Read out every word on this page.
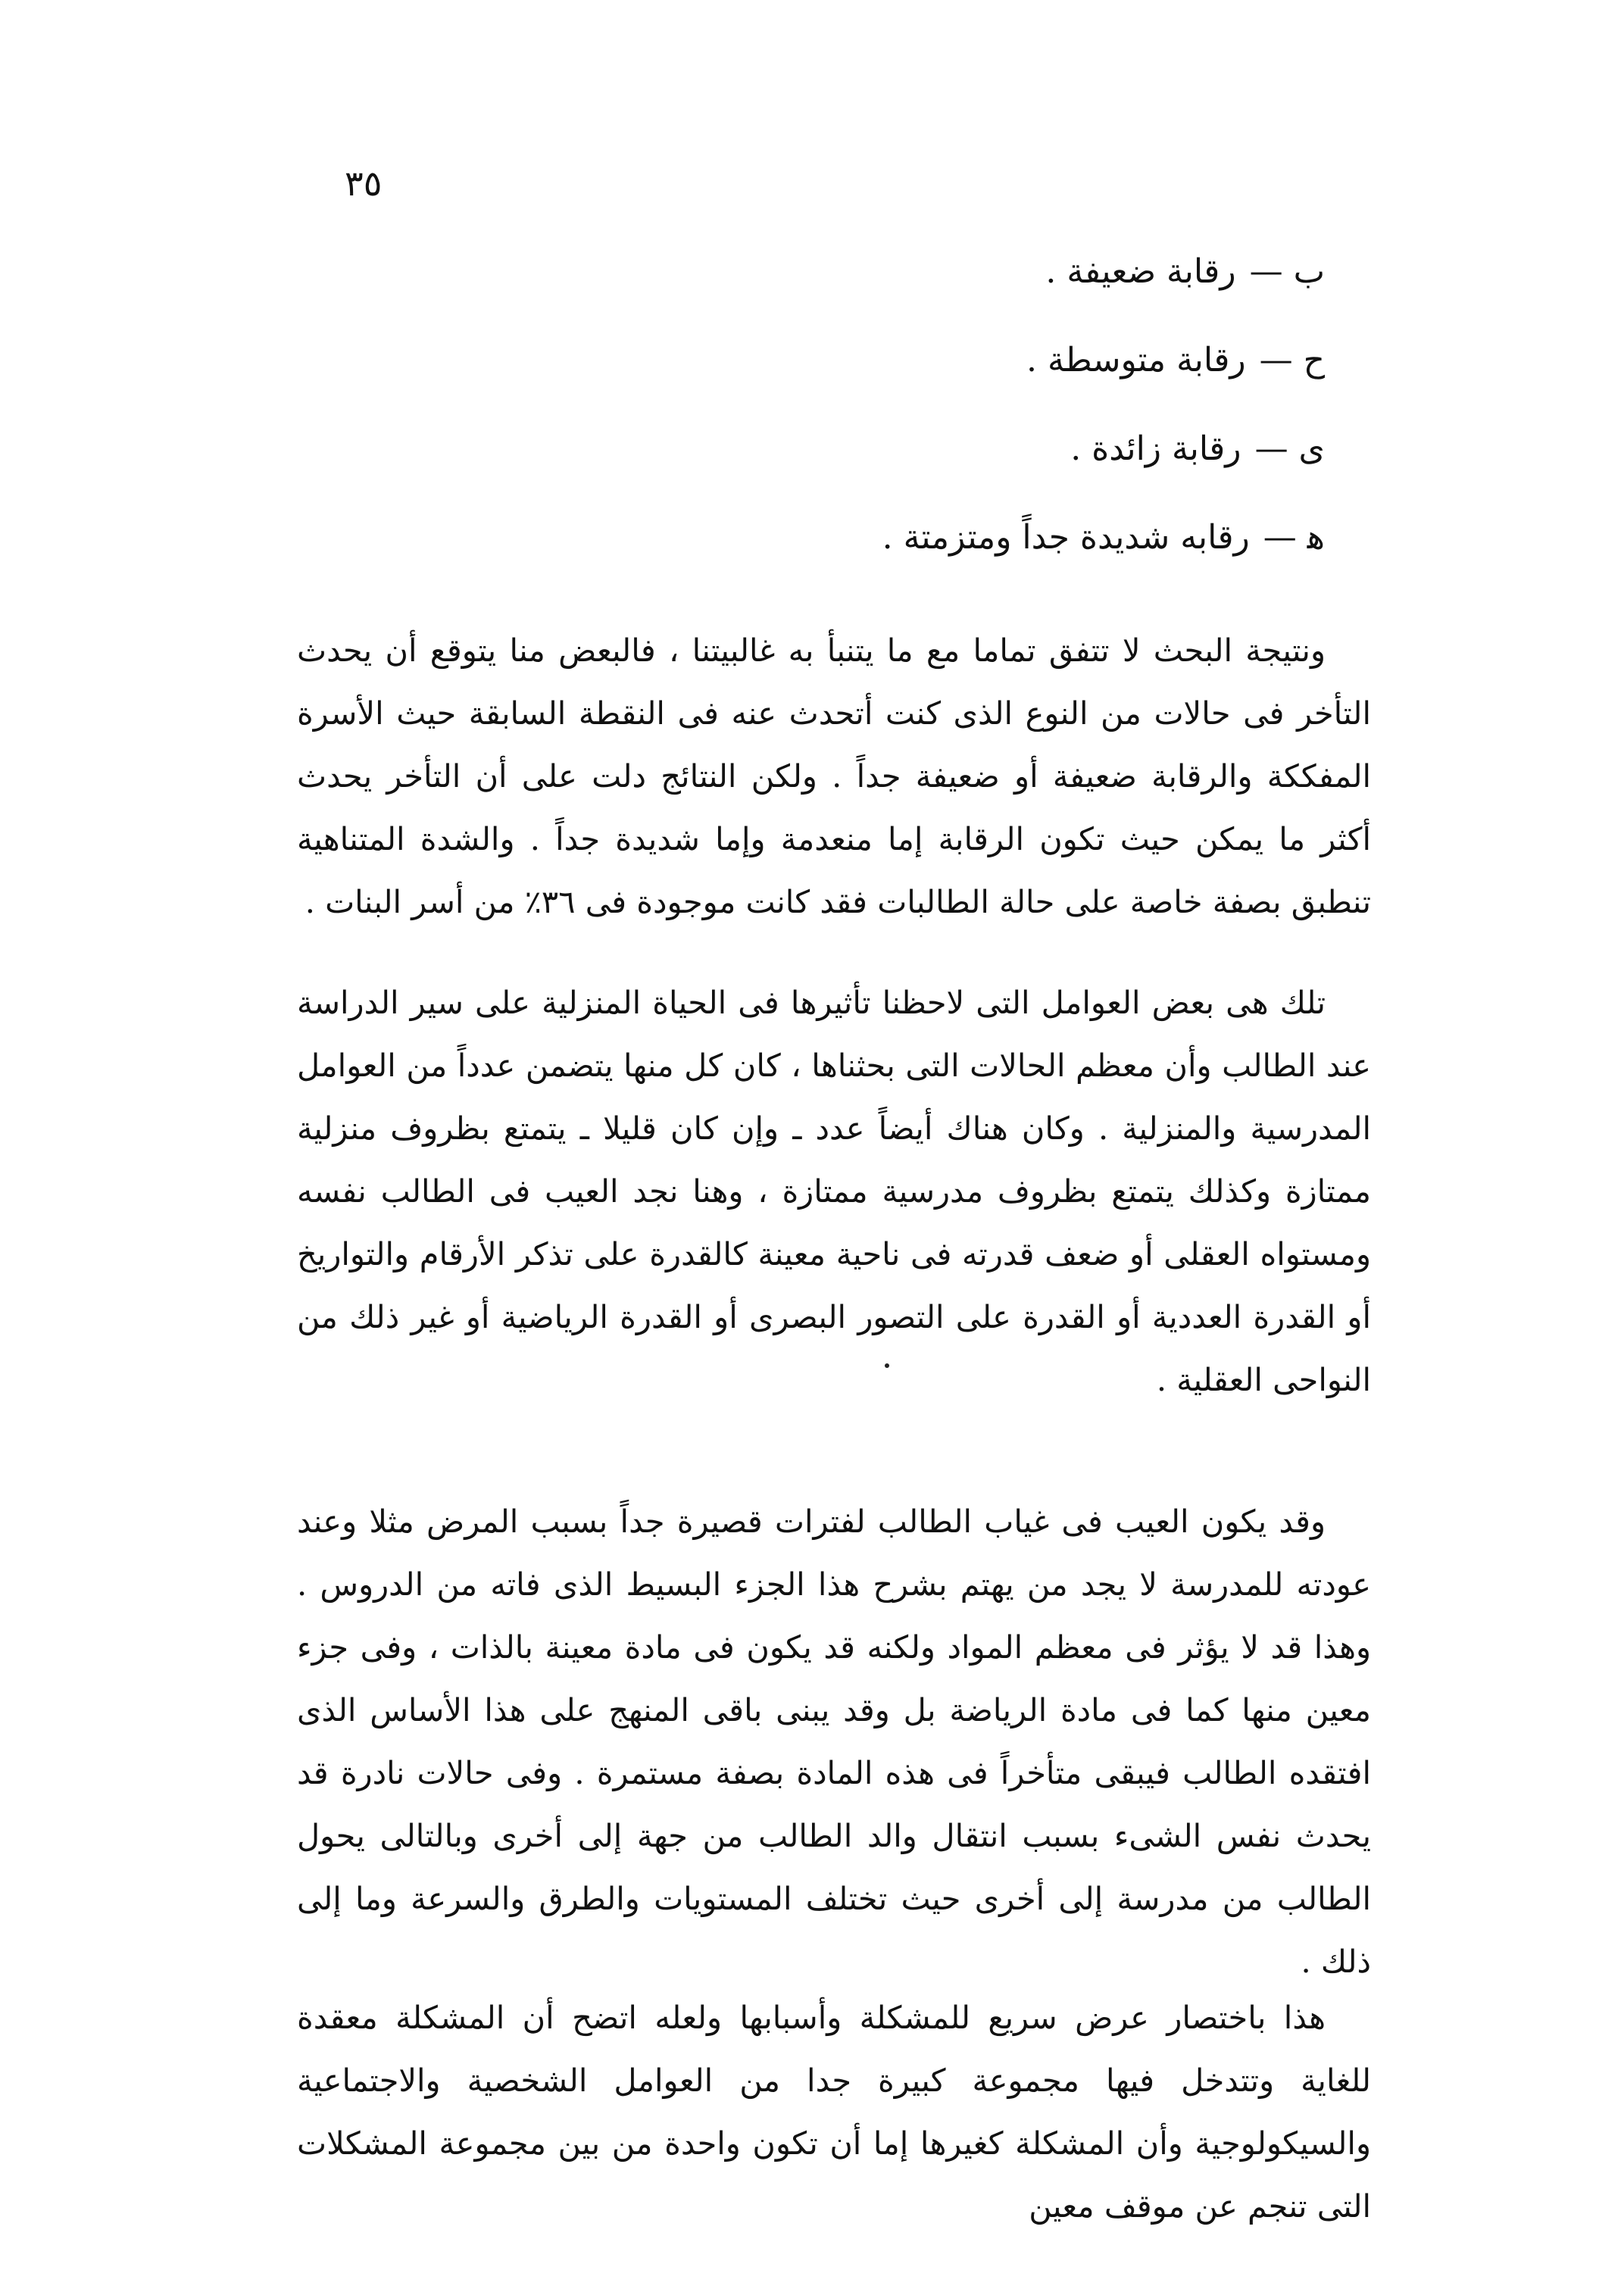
٣٥
ب —رقابة ضعيفة .
ح —رقابة متوسطة .
ى —رقابة زائدة .
ﻫ —رقابه شديدة جداً ومتزمتة .

ونتيجة البحث لا تتفق تماما مع ما يتنبأ به غالبيتنا ، فالبعض منا يتوقع أن يحدث التأخر فى حالات من النوع الذى كنت أتحدث عنه فى النقطة السابقة حيث الأسرة المفككة والرقابة ضعيفة أو ضعيفة جداً . ولكن النتائج دلت على أن التأخر يحدث أكثر ما يمكن حيث تكون الرقابة إما منعدمة وإما شديدة جداً . والشدة المتناهية تنطبق بصفة خاصة على حالة الطالبات فقد كانت موجودة فى ٣٦٪ من أسر البنات .

تلك هى بعض العوامل التى لاحظنا تأثيرها فى الحياة المنزلية على سير الدراسة عند الطالب وأن معظم الحالات التى بحثناها ، كان كل منها يتضمن عدداً من العوامل المدرسية والمنزلية . وكان هناك أيضاً عدد ـ وإن كان قليلا ـ يتمتع بظروف منزلية ممتازة وكذلك يتمتع بظروف مدرسية ممتازة ، وهنا نجد العيب فى الطالب نفسه ومستواه العقلى أو ضعف قدرته فى ناحية معينة كالقدرة على تذكر الأرقام والتواريخ أو القدرة العددية أو القدرة على التصور البصرى أو القدرة الرياضية أو غير ذلك من النواحى العقلية .

وقد يكون العيب فى غياب الطالب لفترات قصيرة جداً بسبب المرض مثلا وعند عودته للمدرسة لا يجد من يهتم بشرح هذا الجزء البسيط الذى فاته من الدروس . وهذا قد لا يؤثر فى معظم المواد ولكنه قد يكون فى مادة معينة بالذات ، وفى جزء معين منها كما فى مادة الرياضة بل وقد يبنى باقى المنهج على هذا الأساس الذى افتقده الطالب فيبقى متأخراً فى هذه المادة بصفة مستمرة . وفى حالات نادرة قد يحدث نفس الشىء بسبب انتقال والد الطالب من جهة إلى أخرى وبالتالى يحول الطالب من مدرسة إلى أخرى حيث تختلف المستويات والطرق والسرعة وما إلى ذلك .

هذا باختصار عرض سريع للمشكلة وأسبابها ولعله اتضح أن المشكلة معقدة للغاية وتتدخل فيها مجموعة كبيرة جدا من العوامل الشخصية والاجتماعية والسيكولوجية وأن المشكلة كغيرها إما أن تكون واحدة من بين مجموعة المشكلات التى تنجم عن موقف معين
